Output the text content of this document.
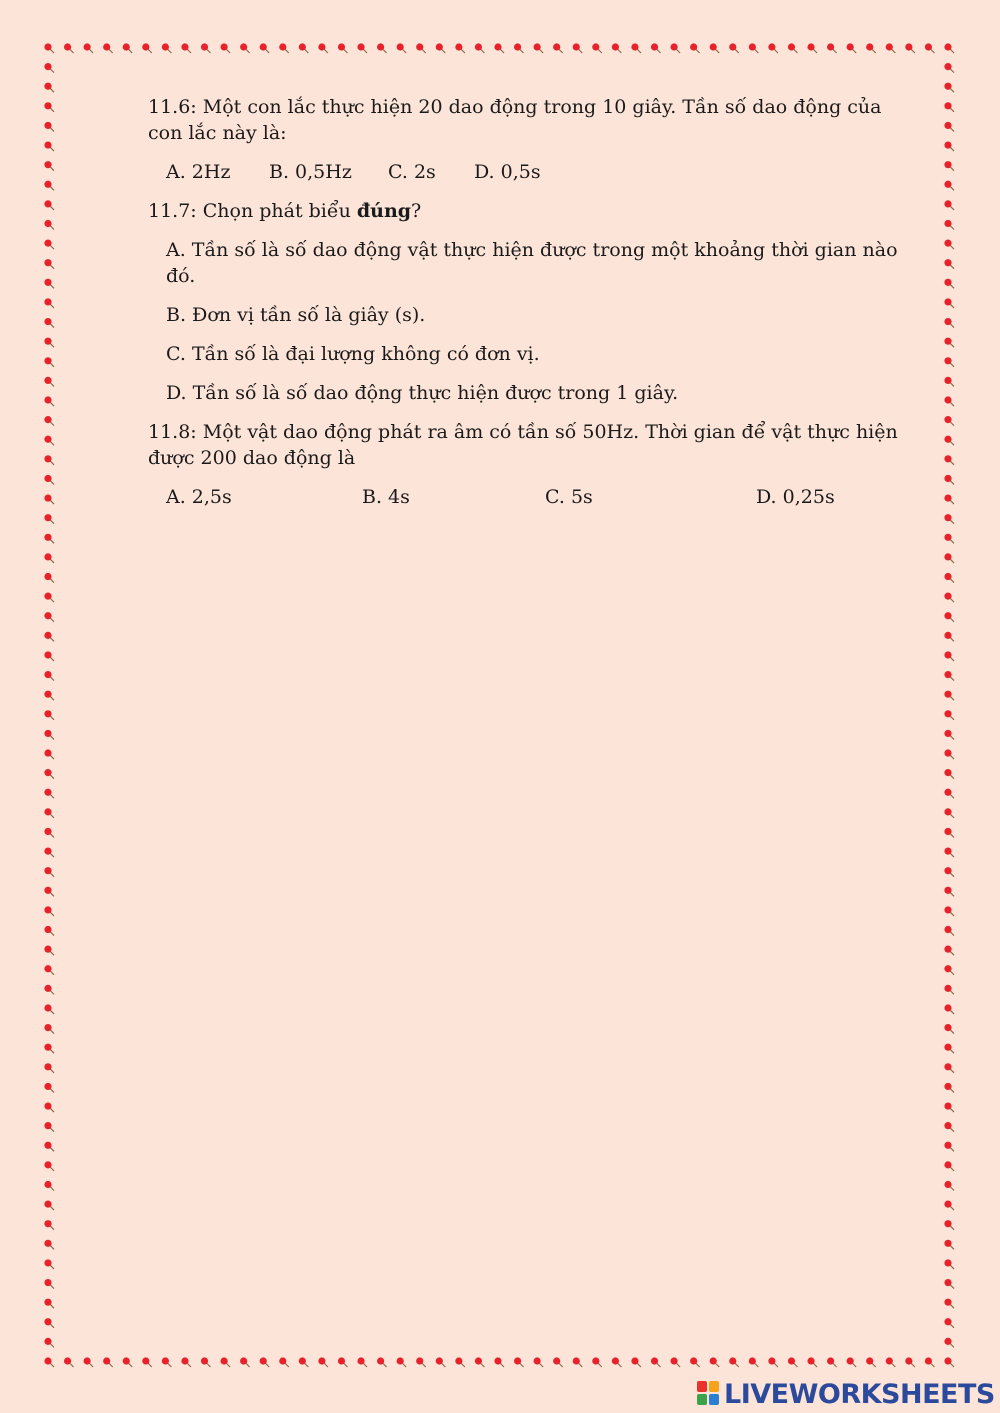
11.6: Một con lắc thực hiện 20 dao động trong 10 giây. Tần số dao động của con lắc này là:

A. 2Hz	B. 0,5Hz	C. 2s	D. 0,5s

11.7: Chọn phát biểu đúng?

A. Tần số là số dao động vật thực hiện được trong một khoảng thời gian nào đó.
B. Đơn vị tần số là giây (s).
C. Tần số là đại lượng không có đơn vị.
D. Tần số là số dao động thực hiện được trong 1 giây.

11.8: Một vật dao động phát ra âm có tần số 50Hz. Thời gian để vật thực hiện được 200 dao động là

A. 2,5s	B. 4s	C. 5s	D. 0,25s
LIVEWORKSHEETS
